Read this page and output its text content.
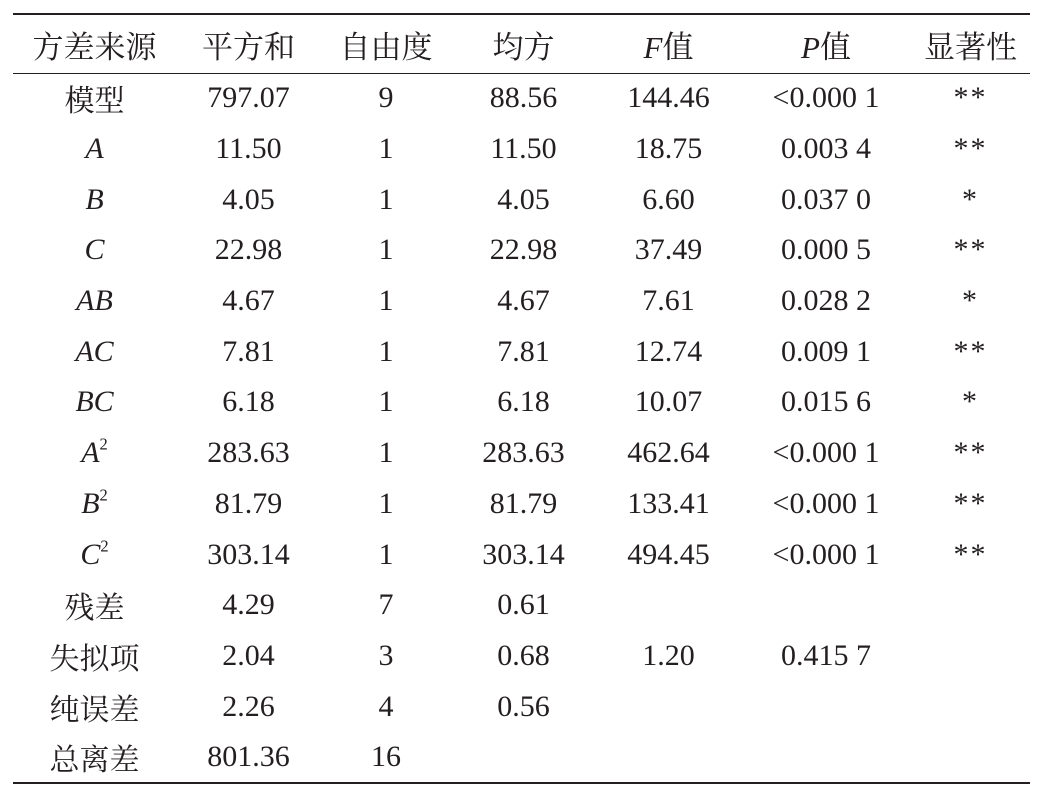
方差来源	平方和	自由度	均方	F值	P值	显著性
模型	797.07	9	88.56	144.46	<0.000 1	**
A	11.50	1	11.50	18.75	0.003 4	**
B	4.05	1	4.05	6.60	0.037 0	*
C	22.98	1	22.98	37.49	0.000 5	**
AB	4.67	1	4.67	7.61	0.028 2	*
AC	7.81	1	7.81	12.74	0.009 1	**
BC	6.18	1	6.18	10.07	0.015 6	*
$A^2$	283.63	1	283.63	462.64	<0.000 1	**
$B^2$	81.79	1	81.79	133.41	<0.000 1	**
$C^2$	303.14	1	303.14	494.45	<0.000 1	**
残差	4.29	7	0.61			
失拟项	2.04	3	0.68	1.20	0.415 7	
纯误差	2.26	4	0.56			
总离差	801.36	16				
